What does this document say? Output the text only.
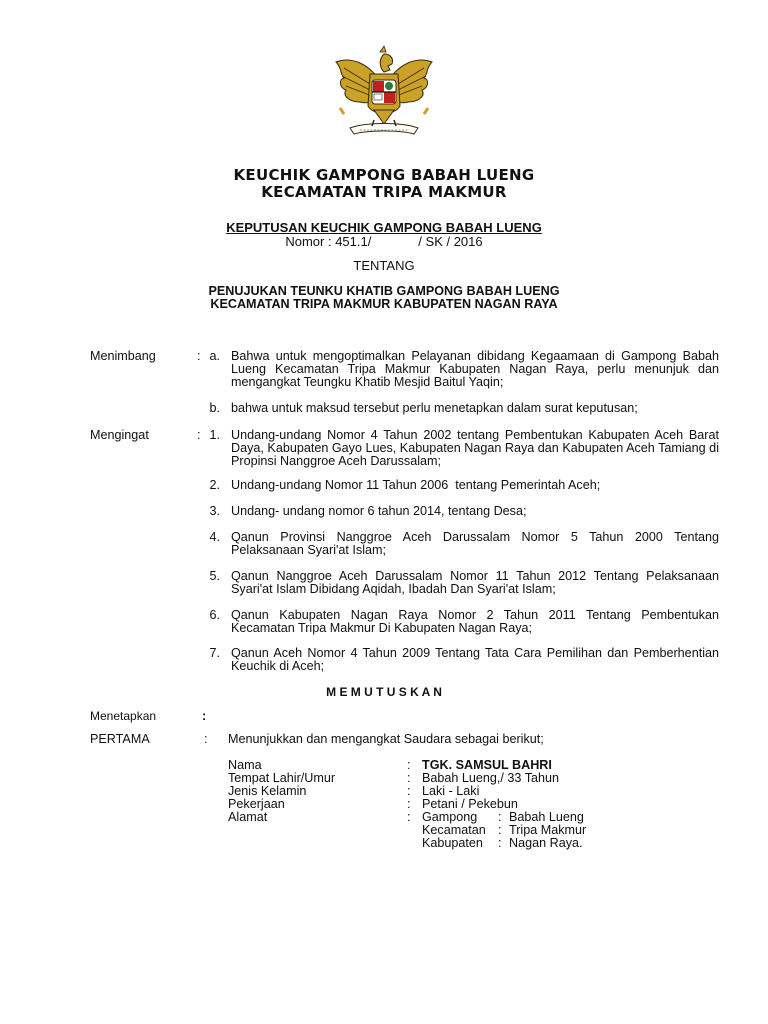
KEUCHIK GAMPONG BABAH LUENG
KECAMATAN TRIPA MAKMUR
KEPUTUSAN KEUCHIK GAMPONG BABAH LUENG
Nomor : 451.1/             / SK / 2016
TENTANG
PENUJUKAN TEUNKU KHATIB GAMPONG BABAH LUENG
KECAMATAN TRIPA MAKMUR KABUPATEN NAGAN RAYA
Menimbang	: a. Bahwa untuk mengoptimalkan Pelayanan dibidang Kegaamaan di Gampong Babah Lueng Kecamatan Tripa Makmur Kabupaten Nagan Raya, perlu menunjuk dan mengangkat Teungku Khatib Mesjid Baitul Yaqin;
b. bahwa untuk maksud tersebut perlu menetapkan dalam surat keputusan;
Mengingat	: 1. Undang-undang Nomor 4 Tahun 2002 tentang Pembentukan Kabupaten Aceh Barat Daya, Kabupaten Gayo Lues, Kabupaten Nagan Raya dan Kabupaten Aceh Tamiang di Propinsi Nanggroe Aceh Darussalam;
2. Undang-undang Nomor 11 Tahun 2006  tentang Pemerintah Aceh;
3. Undang- undang nomor 6 tahun 2014, tentang Desa;
4. Qanun Provinsi Nanggroe Aceh Darussalam Nomor 5 Tahun 2000 Tentang Pelaksanaan Syari'at Islam;
5. Qanun Nanggroe Aceh Darussalam Nomor 11 Tahun 2012 Tentang Pelaksanaan Syari'at Islam Dibidang Aqidah, Ibadah Dan Syari'at Islam;
6. Qanun Kabupaten Nagan Raya Nomor 2 Tahun 2011 Tentang Pembentukan Kecamatan Tripa Makmur Di Kabupaten Nagan Raya;
7. Qanun Aceh Nomor 4 Tahun 2009 Tentang Tata Cara Pemilihan dan Pemberhentian Keuchik di Aceh;
M E M U T U S K A N
Menetapkan	:
PERTAMA	: Menunjukkan dan mengangkat Saudara sebagai berikut;
Nama	: TGK. SAMSUL BAHRI
Tempat Lahir/Umur	: Babah Lueng,/ 33 Tahun
Jenis Kelamin	: Laki - Laki
Pekerjaan	: Petani / Pekebun
Alamat	: Gampong : Babah Lueng
Kecamatan : Tripa Makmur
Kabupaten : Nagan Raya.
